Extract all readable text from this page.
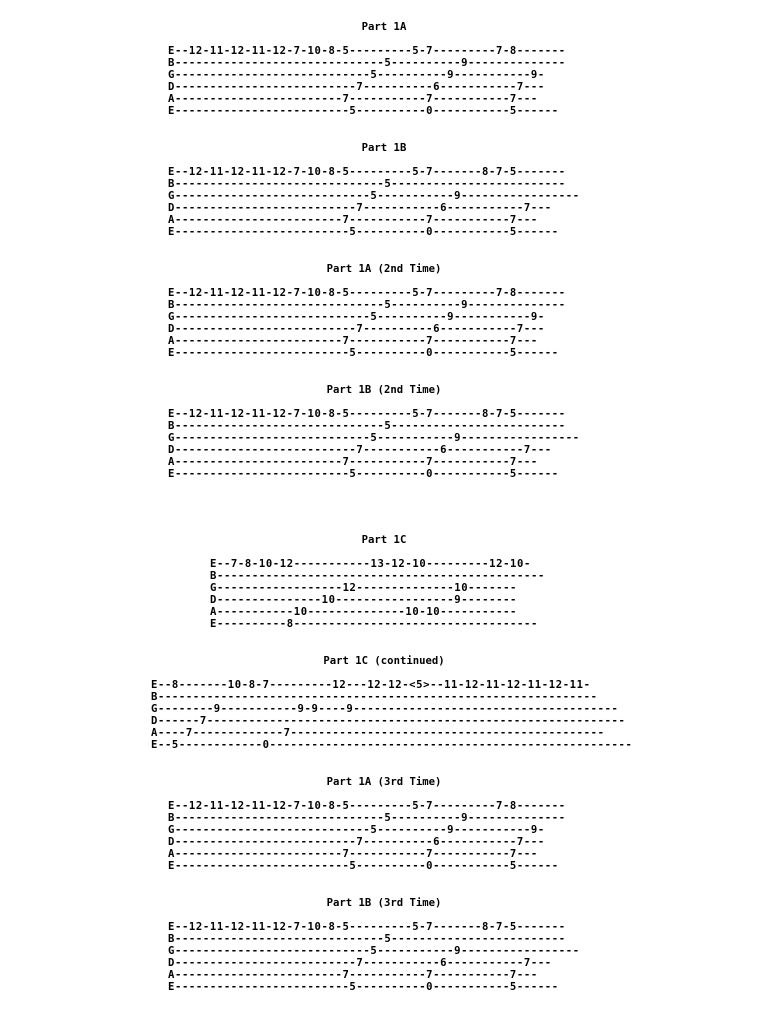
Part 1A
E--12-11-12-11-12-7-10-8-5---------5-7---------7-8-------
B------------------------------5----------9--------------
G----------------------------5----------9-----------9-
D--------------------------7----------6-----------7---
A------------------------7-----------7-----------7---
E-------------------------5----------0-----------5------
Part 1B
E--12-11-12-11-12-7-10-8-5---------5-7-------8-7-5-------
B------------------------------5-------------------------
G----------------------------5-----------9-----------------
D--------------------------7-----------6-----------7---
A------------------------7-----------7-----------7---
E-------------------------5----------0-----------5------
Part 1A (2nd Time)
E--12-11-12-11-12-7-10-8-5---------5-7---------7-8-------
B------------------------------5----------9--------------
G----------------------------5----------9-----------9-
D--------------------------7----------6-----------7---
A------------------------7-----------7-----------7---
E-------------------------5----------0-----------5------
Part 1B (2nd Time)
E--12-11-12-11-12-7-10-8-5---------5-7-------8-7-5-------
B------------------------------5-------------------------
G----------------------------5-----------9-----------------
D--------------------------7-----------6-----------7---
A------------------------7-----------7-----------7---
E-------------------------5----------0-----------5------
Part 1C
E--7-8-10-12-----------13-12-10---------12-10-
B-----------------------------------------------
G------------------12--------------10-------
D---------------10-----------------9--------
A-----------10--------------10-10-----------
E----------8-----------------------------------
Part 1C (continued)
E--8-------10-8-7---------12---12-12-<5>--11-12-11-12-11-12-11-
B---------------------------------------------------------------
G--------9-----------9-9----9--------------------------------------
D------7------------------------------------------------------------
A----7-------------7---------------------------------------------
E--5------------0----------------------------------------------------
Part 1A (3rd Time)
E--12-11-12-11-12-7-10-8-5---------5-7---------7-8-------
B------------------------------5----------9--------------
G----------------------------5----------9-----------9-
D--------------------------7----------6-----------7---
A------------------------7-----------7-----------7---
E-------------------------5----------0-----------5------
Part 1B (3rd Time)
E--12-11-12-11-12-7-10-8-5---------5-7-------8-7-5-------
B------------------------------5-------------------------
G----------------------------5-----------9-----------------
D--------------------------7-----------6-----------7---
A------------------------7-----------7-----------7---
E-------------------------5----------0-----------5------
